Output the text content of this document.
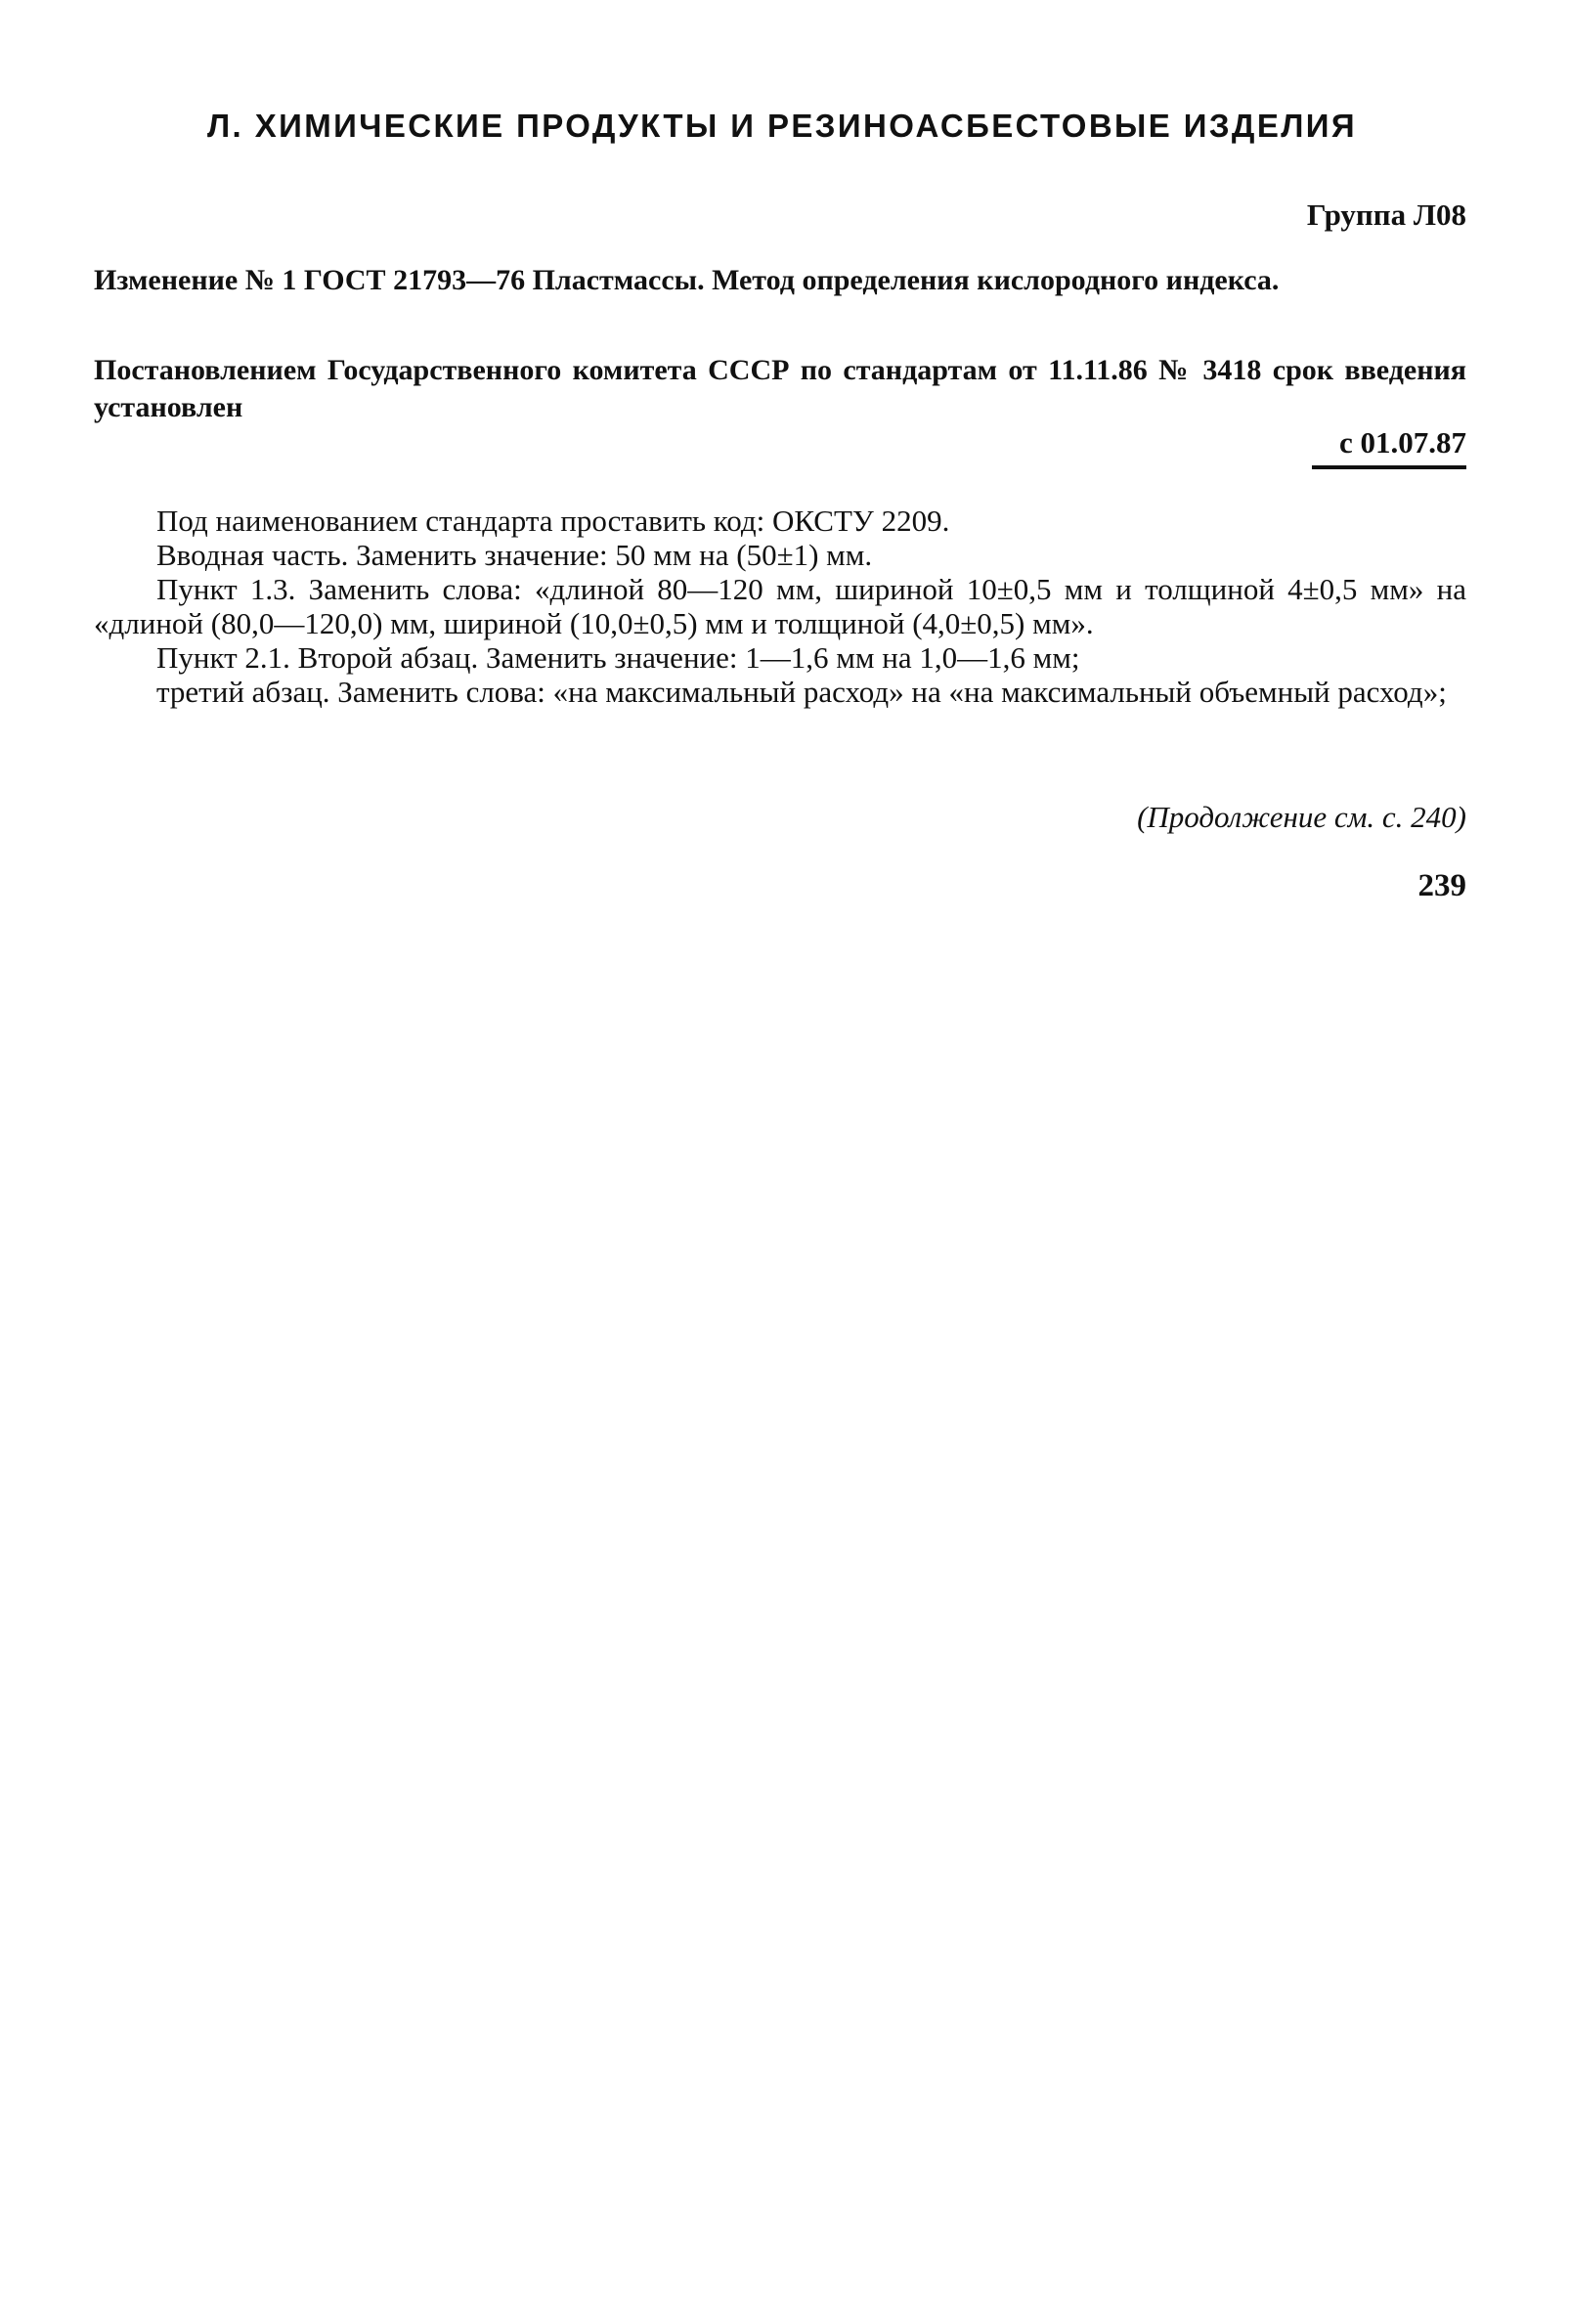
Л. ХИМИЧЕСКИЕ ПРОДУКТЫ И РЕЗИНОАСБЕСТОВЫЕ ИЗДЕЛИЯ
Группа Л08
Изменение № 1 ГОСТ 21793—76 Пластмассы. Метод определения кислородного индекса.
Постановлением Государственного комитета СССР по стандартам от 11.11.86 № 3418 срок введения установлен
с 01.07.87

Под наименованием стандарта проставить код: ОКСТУ 2209.

Вводная часть. Заменить значение: 50 мм на (50±1) мм.

Пункт 1.3. Заменить слова: «длиной 80—120 мм, шириной 10±0,5 мм и толщиной 4±0,5 мм» на «длиной (80,0—120,0) мм, шириной (10,0±0,5) мм и толщиной (4,0±0,5) мм».

Пункт 2.1. Второй абзац. Заменить значение: 1—1,6 мм на 1,0—1,6 мм;

третий абзац. Заменить слова: «на максимальный расход» на «на максимальный объемный расход»;

(Продолжение см. с. 240)
239
